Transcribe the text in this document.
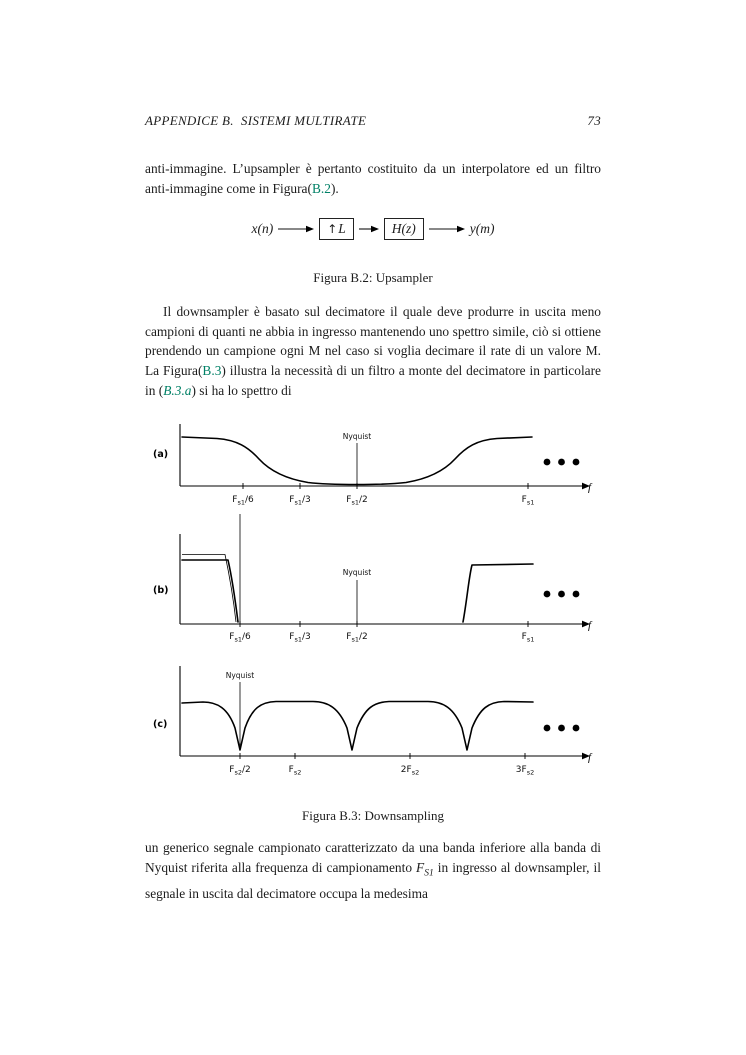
APPENDICE B.  SISTEMI MULTIRATE	73

anti-immagine. L’upsampler è pertanto costituito da un interpolatore ed un filtro anti-immagine come in Figura(B.2).

x(n)	↑ L	H(z)	y(m)
Figura B.2: Upsampler

Il downsampler è basato sul decimatore il quale deve produrre in uscita meno campioni di quanti ne abbia in ingresso mantenendo uno spettro simile, ciò si ottiene prendendo un campione ogni M nel caso si voglia decimare il rate di un valore M. La Figura(B.3) illustra la necessità di un filtro a monte del decimatore in particolare in (B.3.a) si ha lo spettro di

(a)
f
Nyquist
$F_{s1}/6$	$F_{s1}/3$	$F_{s1}/2$	$F_{s1}$
(b)
f
Nyquist
$F_{s1}/6$	$F_{s1}/3$	$F_{s1}/2$	$F_{s1}$
(c)
f
Nyquist
$F_{s2}/2$	$F_{s2}$	$2F_{s2}$	$3F_{s2}$
Figura B.3: Downsampling

un generico segnale campionato caratterizzato da una banda inferiore alla banda di Nyquist riferita alla frequenza di campionamento $F_{S1}$ in ingresso al downsampler, il segnale in uscita dal decimatore occupa la medesima
